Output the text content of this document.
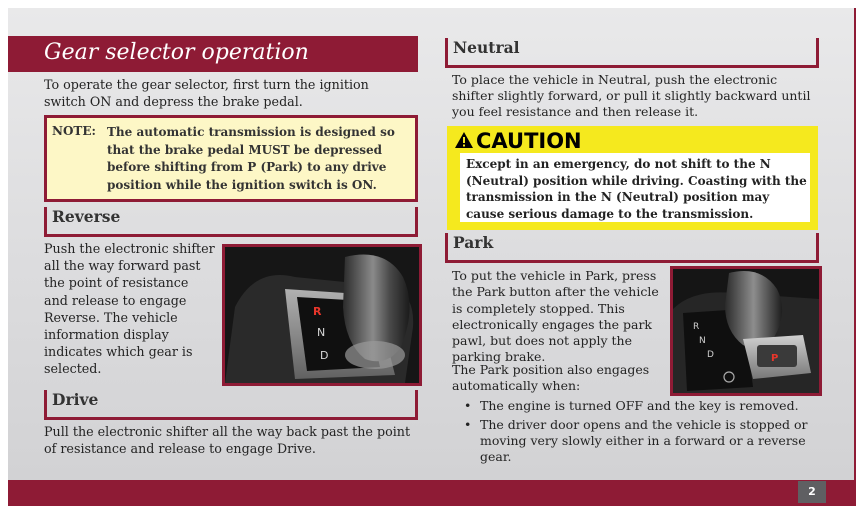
2
Gear selector operation
To operate the gear selector, first turn the ignition switch ON and depress the brake pedal.
NOTE: The automatic transmission is designed so that the brake pedal MUST be depressed before shifting from P (Park) to any drive position while the ignition switch is ON.
Reverse
Push the electronic shifter all the way forward past the point of resistance and release to engage Reverse. The vehicle information display indicates which gear is selected.
R
N
D
Drive
Pull the electronic shifter all the way back past the point of resistance and release to engage Drive.
Neutral
To place the vehicle in Neutral, push the electronic shifter slightly forward, or pull it slightly backward until you feel resistance and then release it.
CAUTION
Except in an emergency, do not shift to the N (Neutral) position while driving. Coasting with the transmission in the N (Neutral) position may cause serious damage to the transmission.
Park
To put the vehicle in Park, press the Park button after the vehicle is completely stopped. This electronically engages the park pawl, but does not apply the parking brake.
The Park position also engages automatically when:
R
N
D	P
• The engine is turned OFF and the key is removed.
• The driver door opens and the vehicle is stopped or moving very slowly either in a forward or a reverse gear.
